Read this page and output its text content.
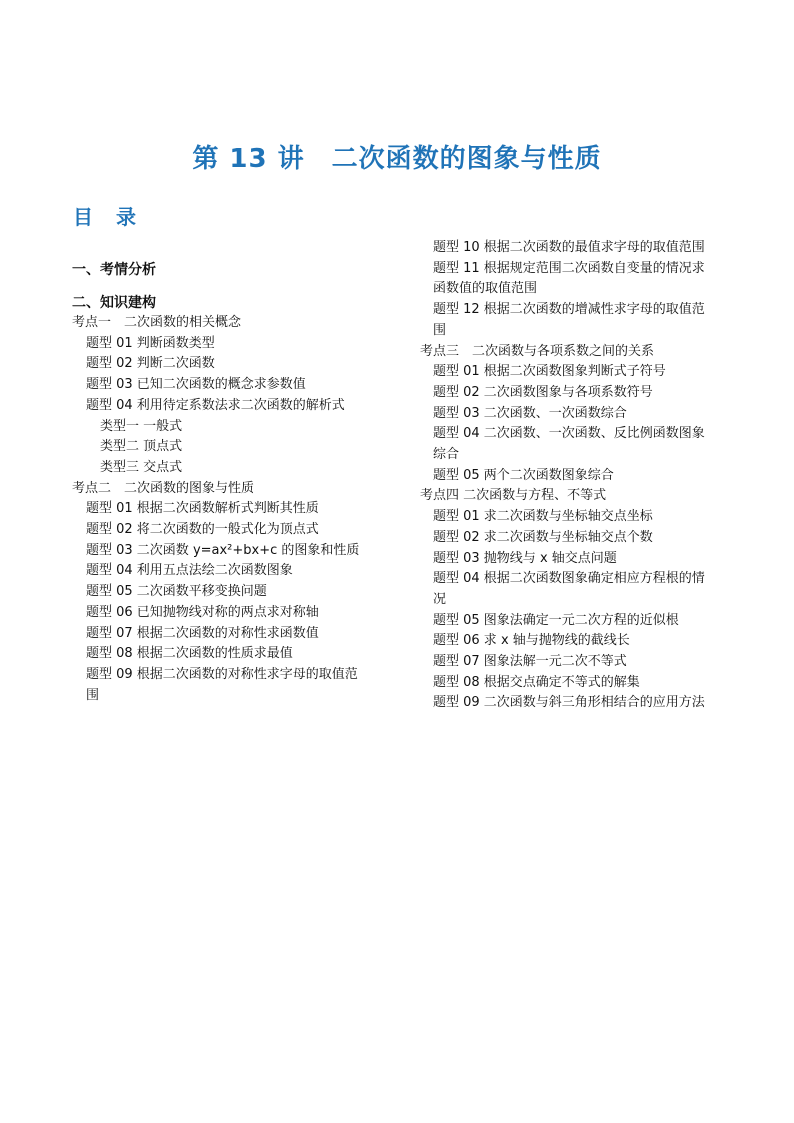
第 13 讲　二次函数的图象与性质
目 录
一、考情分析
二、知识建构
考点一　二次函数的相关概念
题型 01 判断函数类型
题型 02 判断二次函数
题型 03 已知二次函数的概念求参数值
题型 04 利用待定系数法求二次函数的解析式
类型一 一般式
类型二 顶点式
类型三 交点式
考点二　二次函数的图象与性质
题型 01 根据二次函数解析式判断其性质
题型 02 将二次函数的一般式化为顶点式
题型 03 二次函数 y=ax²+bx+c 的图象和性质
题型 04 利用五点法绘二次函数图象
题型 05 二次函数平移变换问题
题型 06 已知抛物线对称的两点求对称轴
题型 07 根据二次函数的对称性求函数值
题型 08 根据二次函数的性质求最值
题型 09 根据二次函数的对称性求字母的取值范
围
题型 10 根据二次函数的最值求字母的取值范围
题型 11 根据规定范围二次函数自变量的情况求
函数值的取值范围
题型 12 根据二次函数的增减性求字母的取值范
围
考点三　二次函数与各项系数之间的关系
题型 01 根据二次函数图象判断式子符号
题型 02 二次函数图象与各项系数符号
题型 03 二次函数、一次函数综合
题型 04 二次函数、一次函数、反比例函数图象
综合
题型 05 两个二次函数图象综合
考点四 二次函数与方程、不等式
题型 01 求二次函数与坐标轴交点坐标
题型 02 求二次函数与坐标轴交点个数
题型 03 抛物线与 x 轴交点问题
题型 04 根据二次函数图象确定相应方程根的情
况
题型 05 图象法确定一元二次方程的近似根
题型 06 求 x 轴与抛物线的截线长
题型 07 图象法解一元二次不等式
题型 08 根据交点确定不等式的解集
题型 09 二次函数与斜三角形相结合的应用方法
